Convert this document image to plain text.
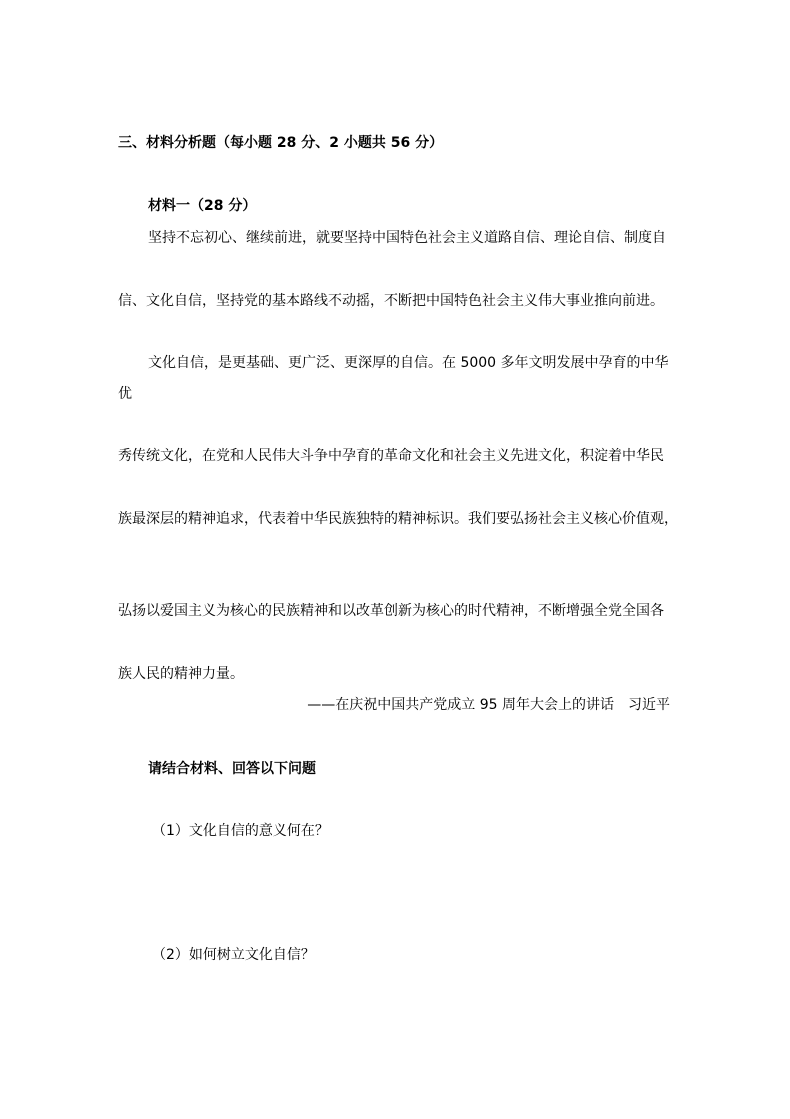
三、材料分析题（每小题 28 分、2 小题共 56 分）
材料一（28 分）
坚持不忘初心、继续前进，就要坚持中国特色社会主义道路自信、理论自信、制度自
信、文化自信，坚持党的基本路线不动摇，不断把中国特色社会主义伟大事业推向前进。
文化自信，是更基础、更广泛、更深厚的自信。在 5000 多年文明发展中孕育的中华
优
秀传统文化，在党和人民伟大斗争中孕育的革命文化和社会主义先进文化，积淀着中华民
族最深层的精神追求，代表着中华民族独特的精神标识。我们要弘扬社会主义核心价值观，
弘扬以爱国主义为核心的民族精神和以改革创新为核心的时代精神，不断增强全党全国各
族人民的精神力量。
——在庆祝中国共产党成立 95 周年大会上的讲话　习近平
请结合材料、回答以下问题
（1）文化自信的意义何在？
（2）如何树立文化自信？
